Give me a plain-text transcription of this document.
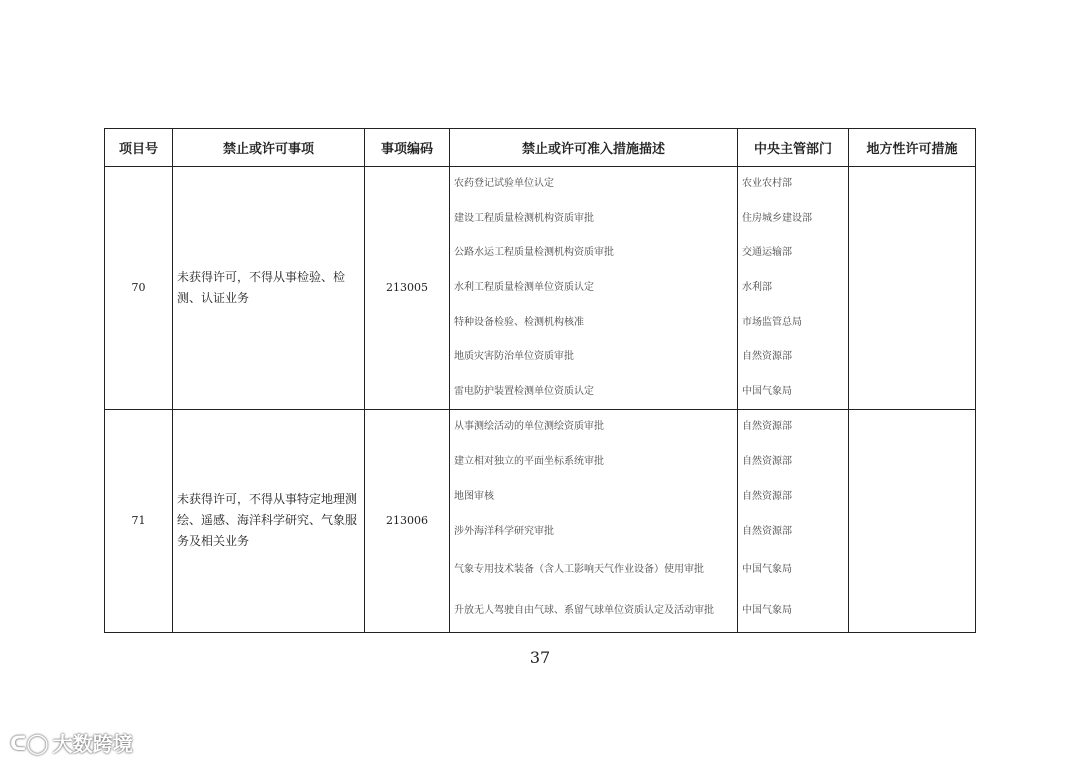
项目号	禁止或许可事项	事项编码	禁止或许可准入措施描述	中央主管部门	地方性许可措施
70	未获得许可，不得从事检验、检测、认证业务	213005	农药登记试验单位认定	农业农村部	
			建设工程质量检测机构资质审批	住房城乡建设部	
			公路水运工程质量检测机构资质审批	交通运输部	
			水利工程质量检测单位资质认定	水利部	
			特种设备检验、检测机构核准	市场监管总局	
			地质灾害防治单位资质审批	自然资源部	
			雷电防护装置检测单位资质认定	中国气象局	
71	未获得许可，不得从事特定地理测绘、遥感、海洋科学研究、气象服务及相关业务	213006	从事测绘活动的单位测绘资质审批	自然资源部	
			建立相对独立的平面坐标系统审批	自然资源部	
			地图审核	自然资源部	
			涉外海洋科学研究审批	自然资源部	
			气象专用技术装备（含人工影响天气作业设备）使用审批	中国气象局	
			升放无人驾驶自由气球、系留气球单位资质认定及活动审批	中国气象局	
37
ᑕ◯ 大数跨境
